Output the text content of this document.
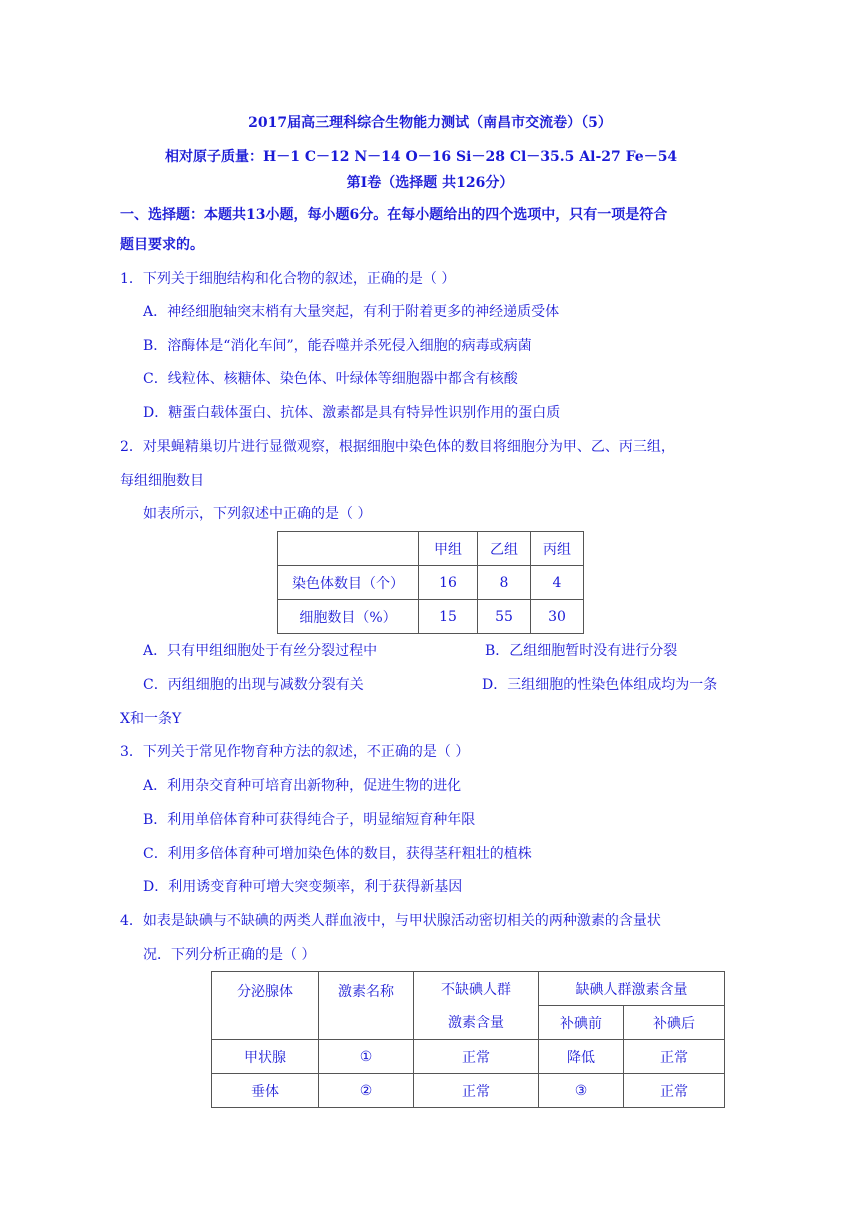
2017届高三理科综合生物能力测试（南昌市交流卷）（5）
相对原子质量：H－1 C－12 N－14 O－16 Si－28 Cl－35.5 Al-27 Fe－54
第Ⅰ卷（选择题 共126分）
一、选择题：本题共13小题，每小题6分。在每小题给出的四个选项中，只有一项是符合
题目要求的。
1．下列关于细胞结构和化合物的叙述，正确的是（ ）
A．神经细胞轴突末梢有大量突起，有利于附着更多的神经递质受体
B．溶酶体是“消化车间”，能吞噬并杀死侵入细胞的病毒或病菌
C．线粒体、核糖体、染色体、叶绿体等细胞器中都含有核酸
D．糖蛋白载体蛋白、抗体、激素都是具有特异性识别作用的蛋白质
2．对果蝇精巢切片进行显微观察，根据细胞中染色体的数目将细胞分为甲、乙、丙三组，
每组细胞数目
如表所示，下列叙述中正确的是（ ）
	甲组	乙组	丙组
染色体数目（个）	16	8	4
细胞数目（%）	15	55	30
A．只有甲组细胞处于有丝分裂过程中	B．乙组细胞暂时没有进行分裂
C．丙组细胞的出现与减数分裂有关	D．三组细胞的性染色体组成均为一条
X和一条Y
3．下列关于常见作物育种方法的叙述，不正确的是（ ）
A．利用杂交育种可培育出新物种，促进生物的进化
B．利用单倍体育种可获得纯合子，明显缩短育种年限
C．利用多倍体育种可增加染色体的数目，获得茎秆粗壮的植株
D．利用诱变育种可增大突变频率，利于获得新基因
4．如表是缺碘与不缺碘的两类人群血液中，与甲状腺活动密切相关的两种激素的含量状
况．下列分析正确的是（ ）
分泌腺体	激素名称	不缺碘人群	缺碘人群激素含量	
		激素含量	补碘前	补碘后
甲状腺	①	正常	降低	正常
垂体	②	正常	③	正常
